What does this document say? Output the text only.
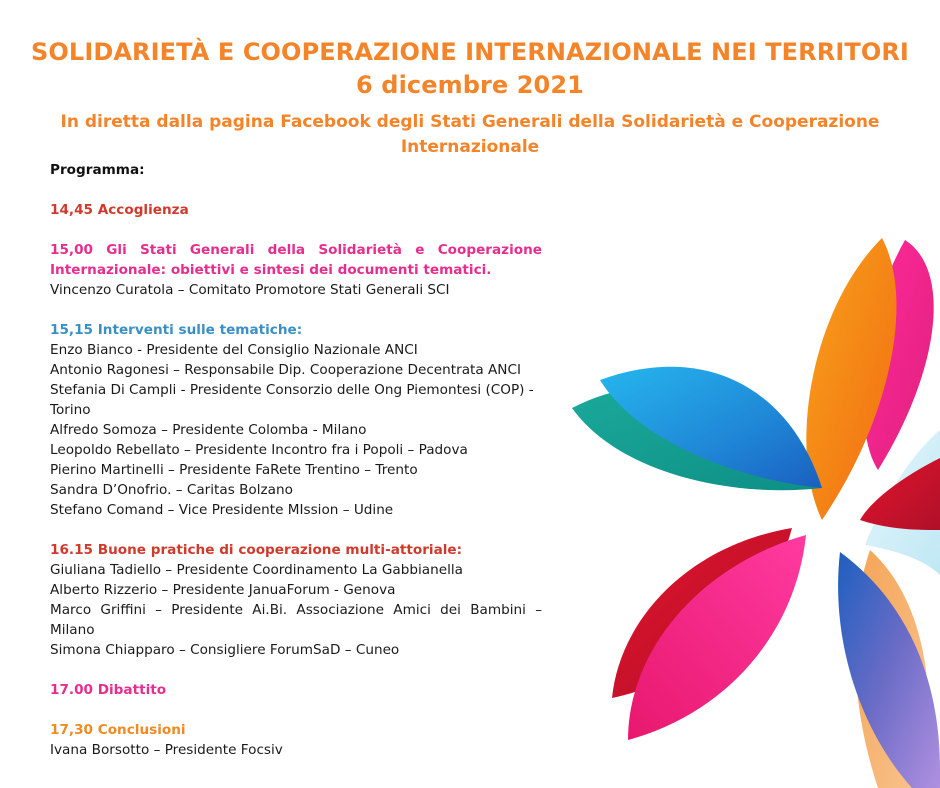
SOLIDARIETÀ E COOPERAZIONE INTERNAZIONALE NEI TERRITORI
6 dicembre 2021
In diretta dalla pagina Facebook degli Stati Generali della Solidarietà e Cooperazione Internazionale
Programma:
14,45 Accoglienza
15,00 Gli Stati Generali della Solidarietà e Cooperazione Internazionale: obiettivi e sintesi dei documenti tematici.
Vincenzo Curatola – Comitato Promotore Stati Generali SCI
15,15 Interventi sulle tematiche:
Enzo Bianco - Presidente del Consiglio Nazionale ANCI
Antonio Ragonesi – Responsabile Dip. Cooperazione Decentrata ANCI
Stefania Di Campli - Presidente Consorzio delle Ong Piemontesi (COP) - Torino
Alfredo Somoza – Presidente Colomba - Milano
Leopoldo Rebellato – Presidente Incontro fra i Popoli – Padova
Pierino Martinelli – Presidente FaRete Trentino – Trento
Sandra D’Onofrio. – Caritas Bolzano
Stefano Comand – Vice Presidente MIssion – Udine
16.15 Buone pratiche di cooperazione multi-attoriale:
Giuliana Tadiello – Presidente Coordinamento La Gabbianella
Alberto Rizzerio – Presidente JanuaForum - Genova
Marco Griffini – Presidente Ai.Bi. Associazione Amici dei Bambini – Milano
Simona Chiapparo – Consigliere ForumSaD – Cuneo
17.00 Dibattito
17,30 Conclusioni
Ivana Borsotto – Presidente Focsiv
